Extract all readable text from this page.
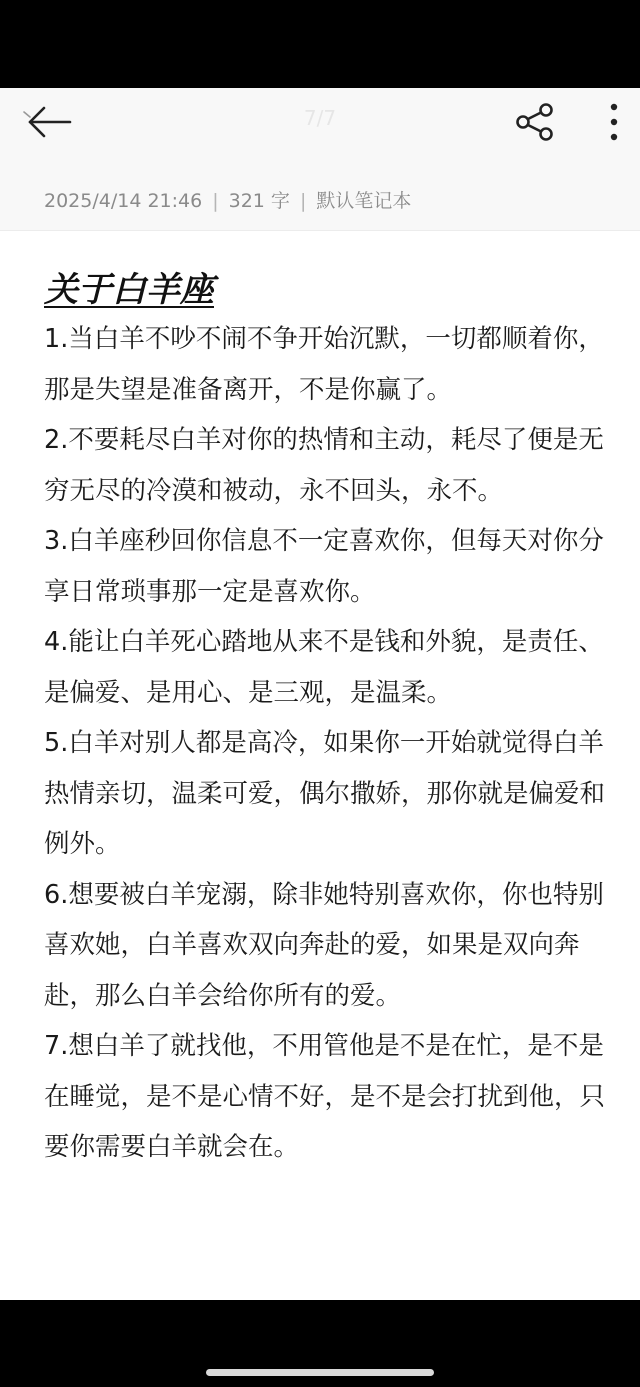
7/7
2025/4/14 21:46 | 321 字 | 默认笔记本
关于白羊座

1.当白羊不吵不闹不争开始沉默，一切都顺着你，那是失望是准备离开，不是你赢了。

2.不要耗尽白羊对你的热情和主动，耗尽了便是无穷无尽的冷漠和被动，永不回头，永不。

3.白羊座秒回你信息不一定喜欢你，但每天对你分享日常琐事那一定是喜欢你。

4.能让白羊死心踏地从来不是钱和外貌，是责任、是偏爱、是用心、是三观，是温柔。

5.白羊对别人都是高冷，如果你一开始就觉得白羊热情亲切，温柔可爱，偶尔撒娇，那你就是偏爱和例外。

6.想要被白羊宠溺，除非她特别喜欢你，你也特别喜欢她，白羊喜欢双向奔赴的爱，如果是双向奔赴，那么白羊会给你所有的爱。

7.想白羊了就找他，不用管他是不是在忙，是不是在睡觉，是不是心情不好，是不是会打扰到他，只要你需要白羊就会在。
